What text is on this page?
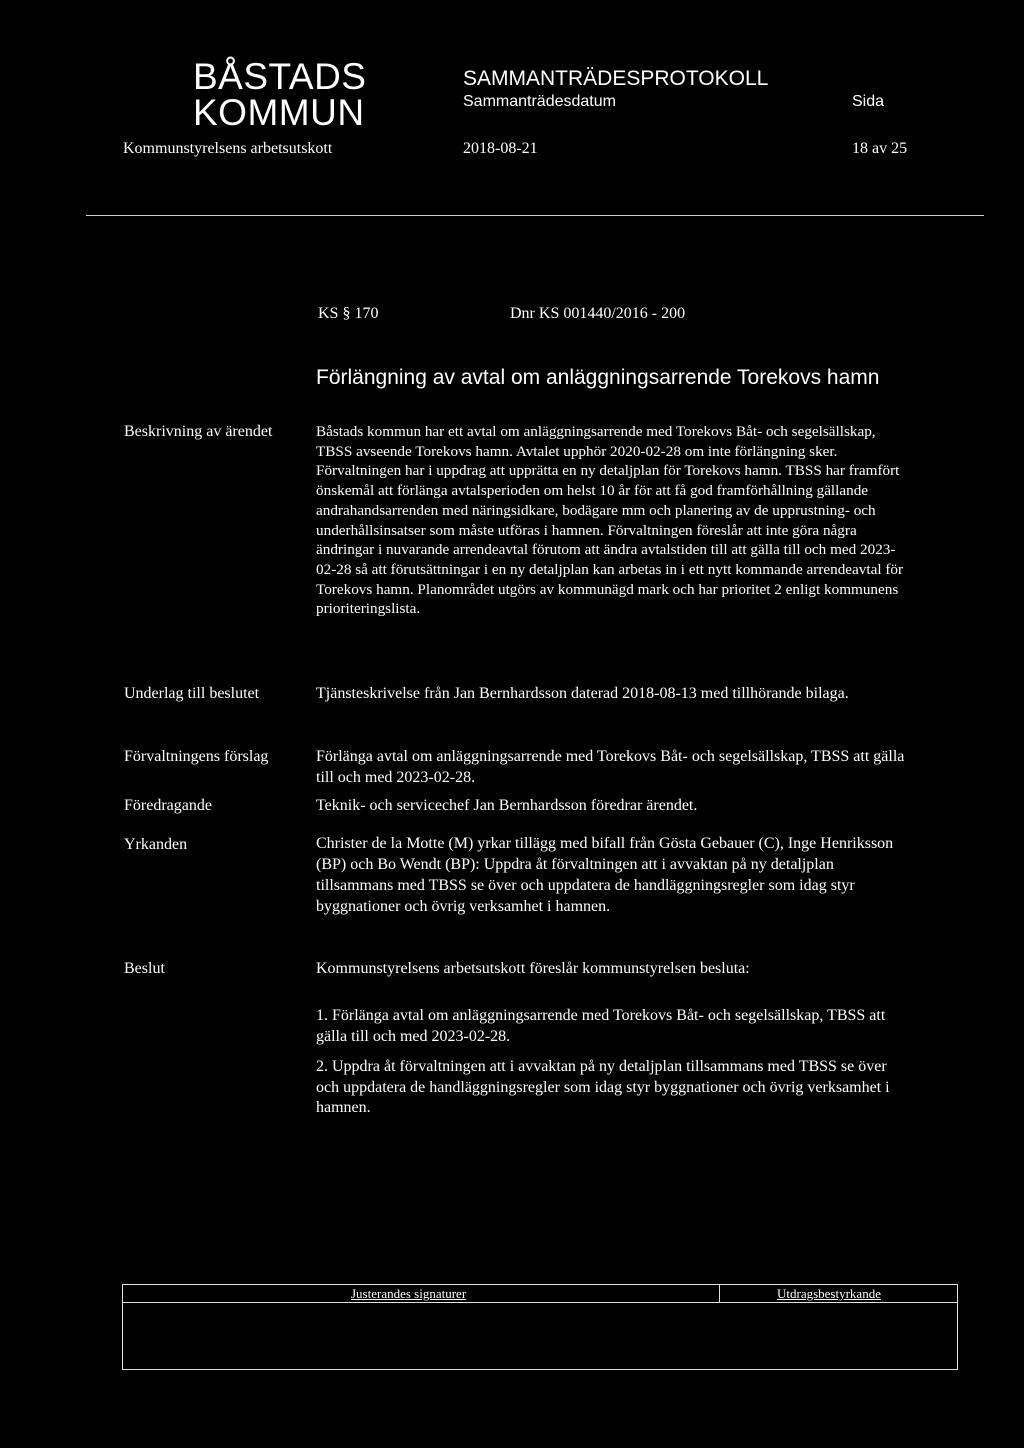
BÅSTADS
KOMMUN
Kommunstyrelsens arbetsutskott
SAMMANTRÄDESPROTOKOLL
Sammanträdesdatum
2018-08-21
Sida
18 av 25
KS § 170	Dnr KS 001440/2016 - 200
Förlängning av avtal om anläggningsarrende Torekovs hamn
Beskrivning av ärendet	Båstads kommun har ett avtal om anläggningsarrende med Torekovs Båt- och segelsällskap, TBSS avseende Torekovs hamn. Avtalet upphör 2020-02-28 om inte förlängning sker. Förvaltningen har i uppdrag att upprätta en ny detaljplan för Torekovs hamn. TBSS har framfört önskemål att förlänga avtalsperioden om helst 10 år för att få god framförhållning gällande andrahandsarrenden med näringsidkare, bodägare mm och planering av de upprustning- och underhållsinsatser som måste utföras i hamnen. Förvaltningen föreslår att inte göra några ändringar i nuvarande arrendeavtal förutom att ändra avtalstiden till att gälla till och med 2023-02-28 så att förutsättningar i en ny detaljplan kan arbetas in i ett nytt kommande arrendeavtal för Torekovs hamn. Planområdet utgörs av kommunägd mark och har prioritet 2 enligt kommunens prioriteringslista.

Underlag till beslutet	Tjänsteskrivelse från Jan Bernhardsson daterad 2018-08-13 med tillhörande bilaga.

Förvaltningens förslag	Förlänga avtal om anläggningsarrende med Torekovs Båt- och segelsällskap, TBSS att gälla till och med 2023-02-28.

Föredragande	Teknik- och servicechef Jan Bernhardsson föredrar ärendet.

Yrkanden	Christer de la Motte (M) yrkar tillägg med bifall från Gösta Gebauer (C), Inge Henriksson (BP) och Bo Wendt (BP): Uppdra åt förvaltningen att i avvaktan på ny detaljplan tillsammans med TBSS se över och uppdatera de handläggningsregler som idag styr byggnationer och övrig verksamhet i hamnen.

Beslut	Kommunstyrelsens arbetsutskott föreslår kommunstyrelsen besluta:

1. Förlänga avtal om anläggningsarrende med Torekovs Båt- och segelsällskap, TBSS att gälla till och med 2023-02-28.

2. Uppdra åt förvaltningen att i avvaktan på ny detaljplan tillsammans med TBSS se över och uppdatera de handläggningsregler som idag styr byggnationer och övrig verksamhet i hamnen.

Justerandes signaturer	Utdragsbestyrkande
